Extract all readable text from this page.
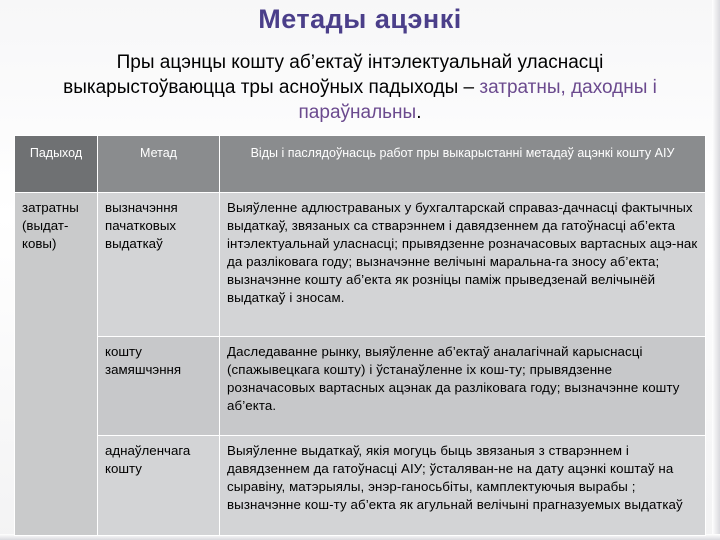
Метады ацэнкі
Пры ацэнцы кошту аб’ектаў інтэлектуальнай уласнасці выкарыстоўваюцца тры асноўных падыходы – затратны, даходны і параўнальны.
Падыход	Метад	Віды і паслядоўнасць работ пры выкарыстанні метадаў ацэнкі кошту АІУ
затратны (выдат-ковы)	вызначэння пачатковых выдаткаў	Выяўленне адлюстраваных у бухгалтарскай справаз-дачнасці фактычных выдаткаў, звязаных са стварэннем і давядзеннем да гатоўнасці аб’екта інтэлектуальнай уласнасці; прывядзенне розначасовых вартасных ацэ-нак да разліковага году; вызначэнне велічыні маральна-га зносу аб’екта; вызначэнне кошту аб’екта як розніцы паміж прыведзенай велічынёй выдаткаў і зносам.
	кошту замяшчэння	Даследаванне рынку, выяўленне аб’ектаў аналагічнай карыснасці (спажывецкага кошту) і ўстанаўленне іх кош-ту; прывядзенне розначасовых вартасных ацэнак да разліковага году; вызначэнне кошту аб’екта.
	аднаўленчага кошту	Выяўленне выдаткаў, якія могуць быць звязаныя з стварэннем і давядзеннем да гатоўнасці АІУ; ўсталяван-не на дату ацэнкі коштаў на сыравіну, матэрыялы, энэр-ганосьбіты, камплектуючыя вырабы ; вызначэнне кош-ту аб’екта як агульнай велічыні прагназуемых выдаткаў
